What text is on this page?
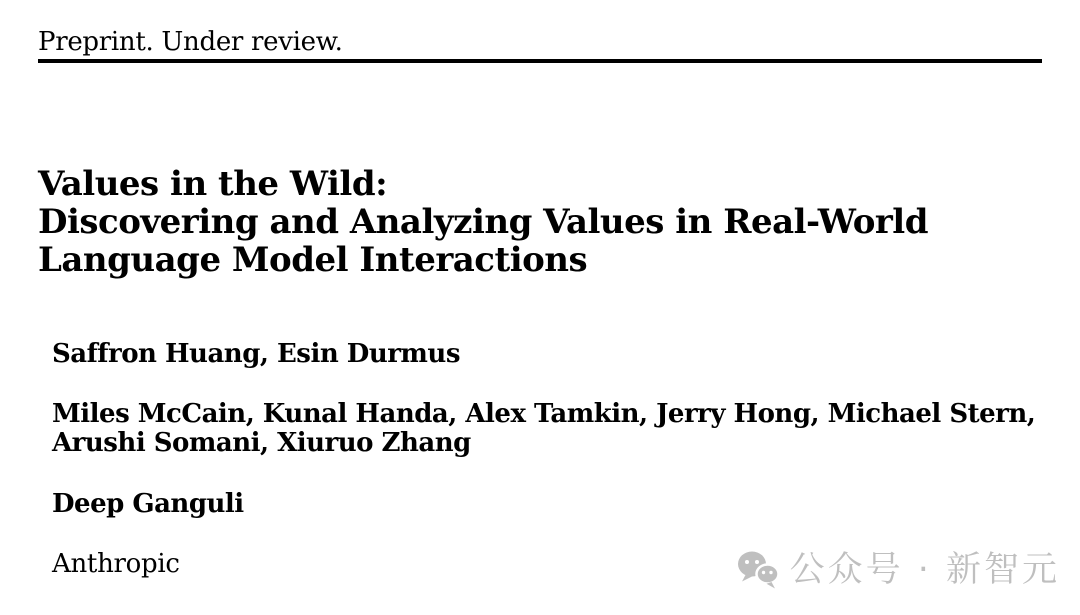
Preprint. Under review.
Values in the Wild:
Discovering and Analyzing Values in Real-World
Language Model Interactions
Saffron Huang, Esin Durmus
Miles McCain, Kunal Handa, Alex Tamkin, Jerry Hong, Michael Stern,
Arushi Somani, Xiuruo Zhang
Deep Ganguli
Anthropic	公众号 · 新智元
